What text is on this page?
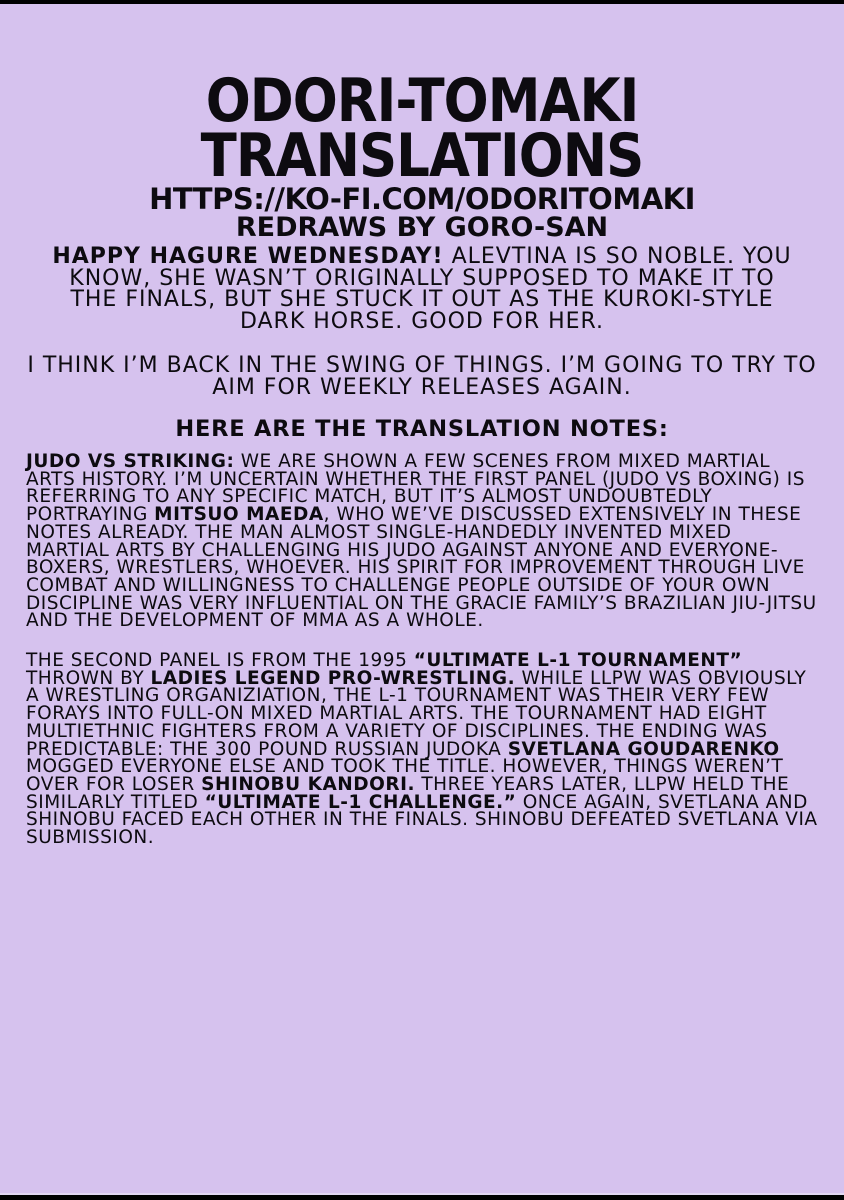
ODORI-TOMAKI
TRANSLATIONS
HTTPS://KO-FI.COM/ODORITOMAKI
REDRAWS BY GORO-SAN

HAPPY HAGURE WEDNESDAY! ALEVTINA IS SO NOBLE. YOU KNOW, SHE WASN’T ORIGINALLY SUPPOSED TO MAKE IT TO THE FINALS, BUT SHE STUCK IT OUT AS THE KUROKI-STYLE DARK HORSE. GOOD FOR HER.

I THINK I’M BACK IN THE SWING OF THINGS. I’M GOING TO TRY TO AIM FOR WEEKLY RELEASES AGAIN.

HERE ARE THE TRANSLATION NOTES:

JUDO VS STRIKING: WE ARE SHOWN A FEW SCENES FROM MIXED MARTIAL ARTS HISTORY. I’M UNCERTAIN WHETHER THE FIRST PANEL (JUDO VS BOXING) IS REFERRING TO ANY SPECIFIC MATCH, BUT IT’S ALMOST UNDOUBTEDLY PORTRAYING MITSUO MAEDA, WHO WE’VE DISCUSSED EXTENSIVELY IN THESE NOTES ALREADY. THE MAN ALMOST SINGLE-HANDEDLY INVENTED MIXED MARTIAL ARTS BY CHALLENGING HIS JUDO AGAINST ANYONE AND EVERYONE- BOXERS, WRESTLERS, WHOEVER. HIS SPIRIT FOR IMPROVEMENT THROUGH LIVE COMBAT AND WILLINGNESS TO CHALLENGE PEOPLE OUTSIDE OF YOUR OWN DISCIPLINE WAS VERY INFLUENTIAL ON THE GRACIE FAMILY’S BRAZILIAN JIU-JITSU AND THE DEVELOPMENT OF MMA AS A WHOLE.

THE SECOND PANEL IS FROM THE 1995 “ULTIMATE L-1 TOURNAMENT” THROWN BY LADIES LEGEND PRO-WRESTLING. WHILE LLPW WAS OBVIOUSLY A WRESTLING ORGANIZIATION, THE L-1 TOURNAMENT WAS THEIR VERY FEW FORAYS INTO FULL-ON MIXED MARTIAL ARTS. THE TOURNAMENT HAD EIGHT MULTIETHNIC FIGHTERS FROM A VARIETY OF DISCIPLINES. THE ENDING WAS PREDICTABLE: THE 300 POUND RUSSIAN JUDOKA SVETLANA GOUDARENKO MOGGED EVERYONE ELSE AND TOOK THE TITLE. HOWEVER, THINGS WEREN’T OVER FOR LOSER SHINOBU KANDORI. THREE YEARS LATER, LLPW HELD THE SIMILARLY TITLED “ULTIMATE L-1 CHALLENGE.” ONCE AGAIN, SVETLANA AND SHINOBU FACED EACH OTHER IN THE FINALS. SHINOBU DEFEATED SVETLANA VIA SUBMISSION.
